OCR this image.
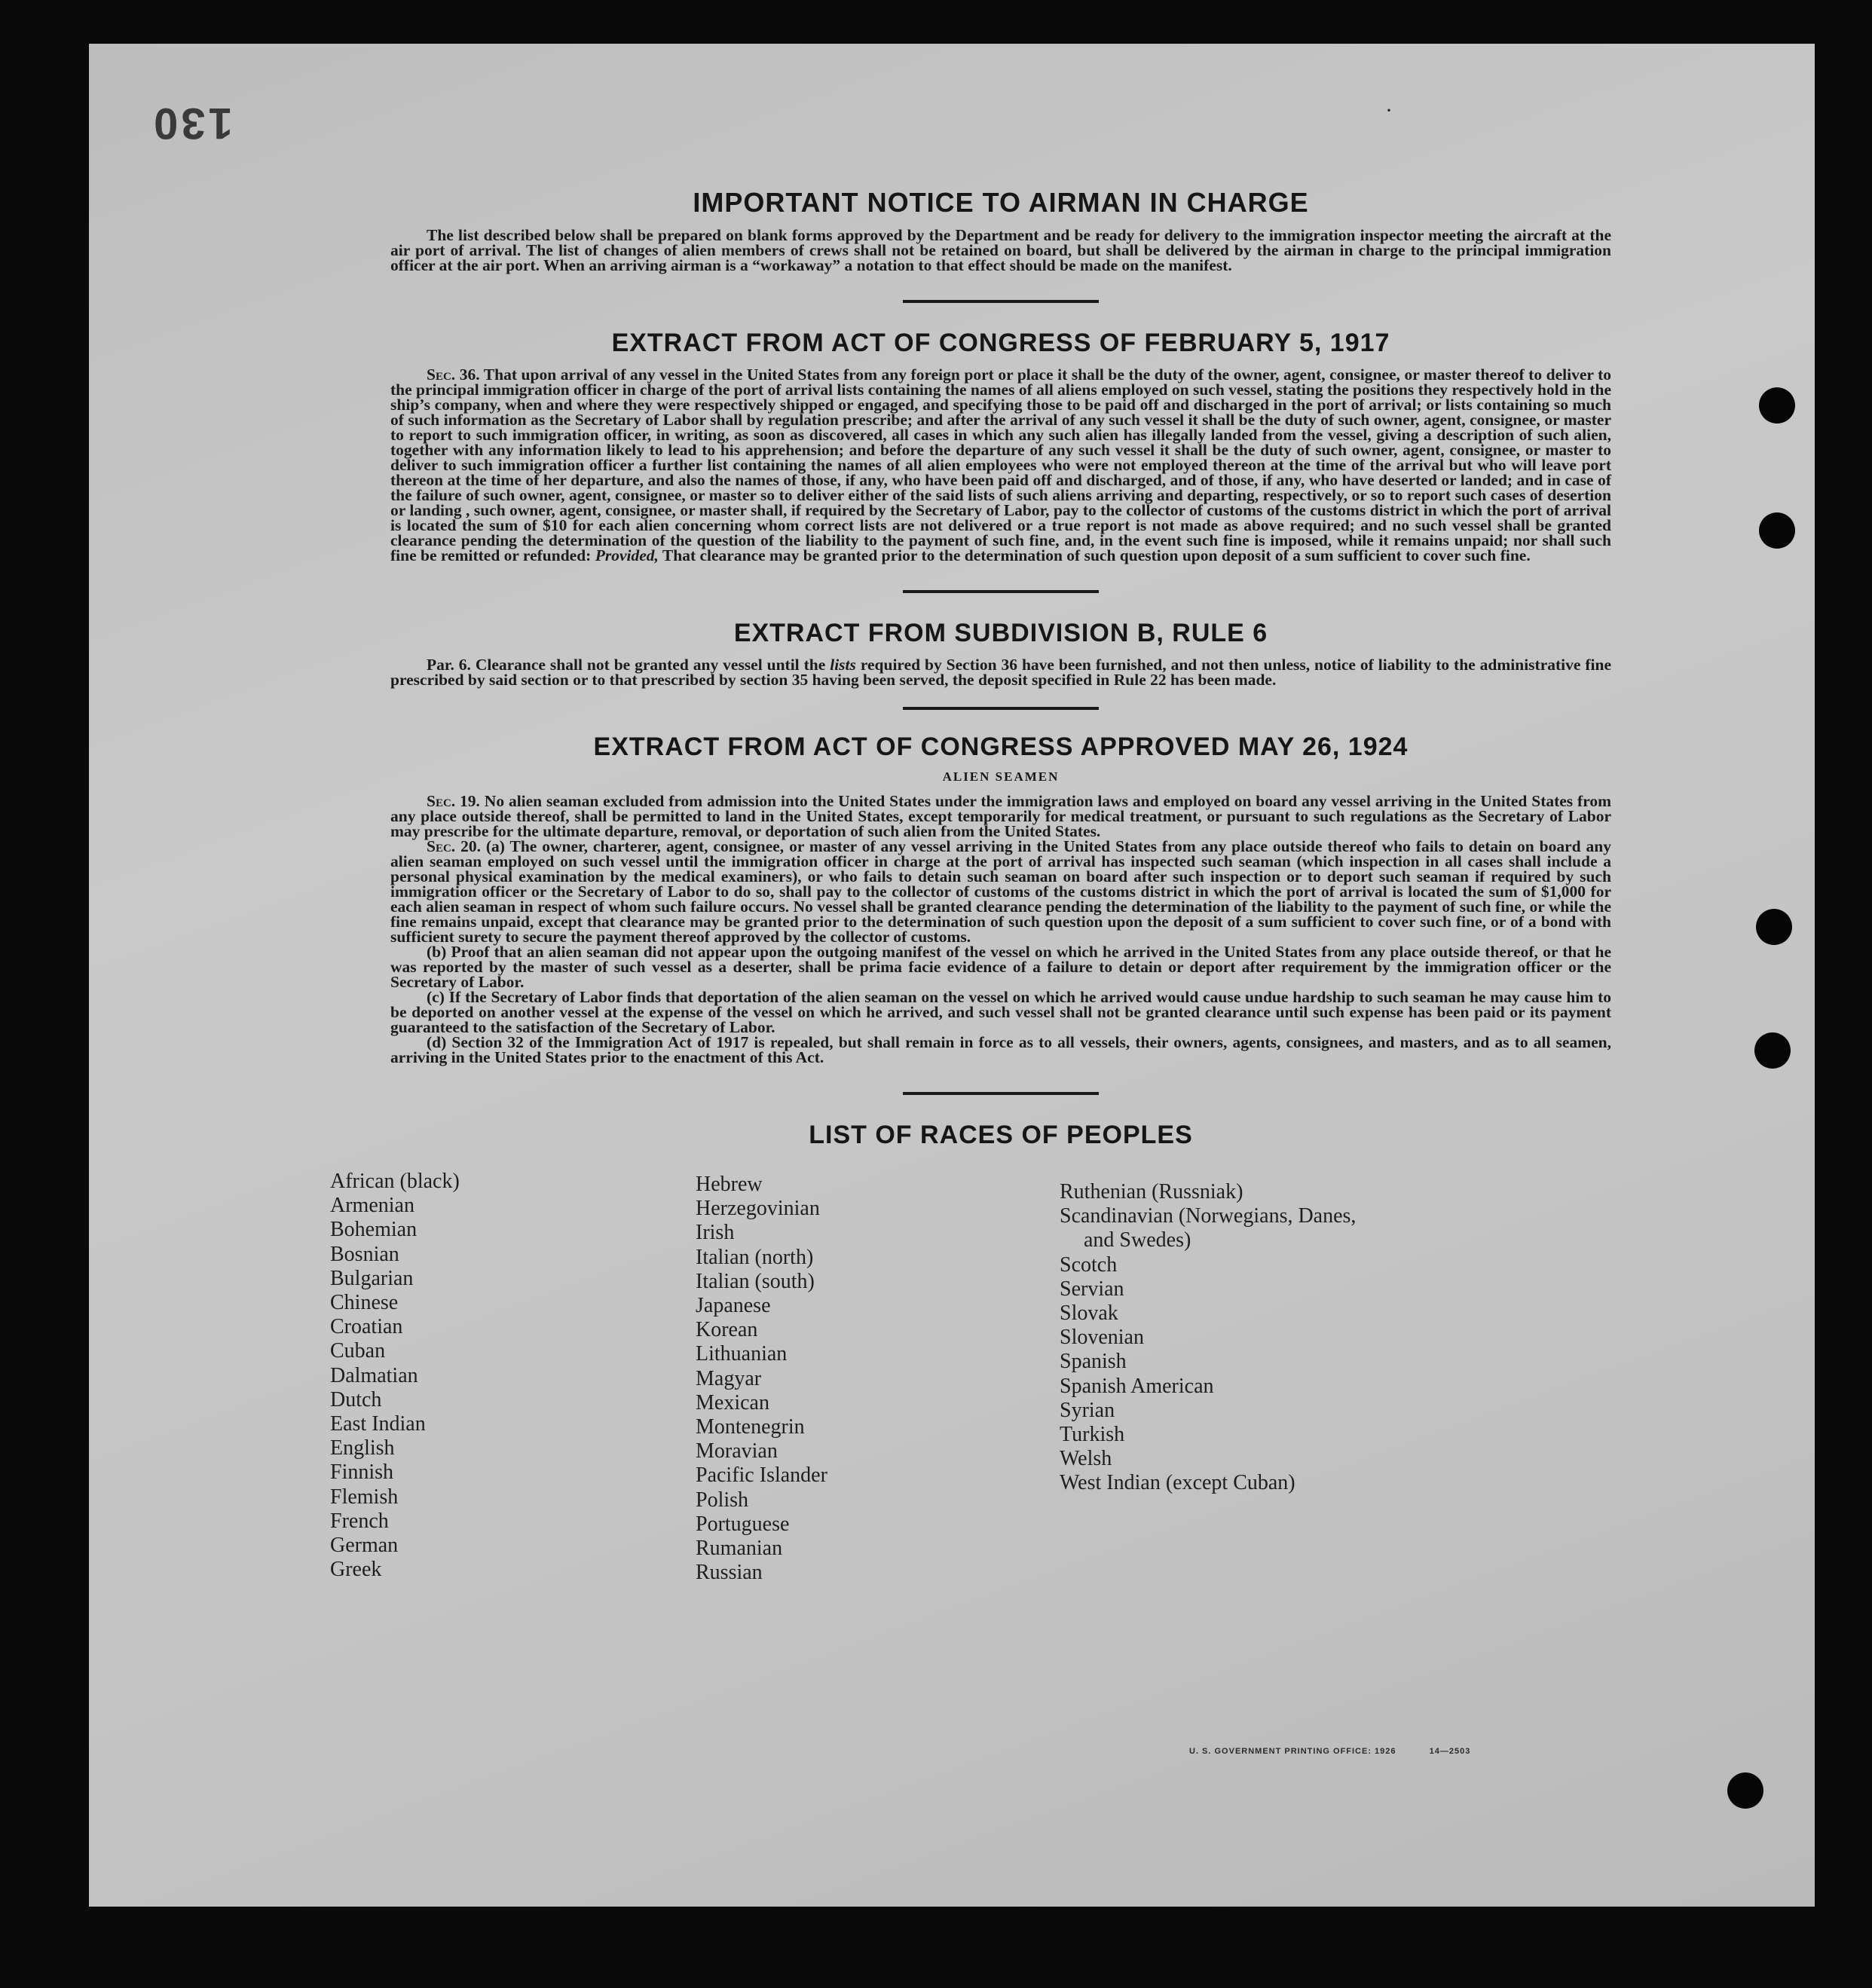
130	·
IMPORTANT NOTICE TO AIRMAN IN CHARGE

The list described below shall be prepared on blank forms approved by the Department and be ready for delivery to the immigration inspector meeting the aircraft at the air port of arrival. The list of changes of alien members of crews shall not be retained on board, but shall be delivered by the airman in charge to the principal immigration officer at the air port. When an arriving airman is a “workaway” a notation to that effect should be made on the manifest.

EXTRACT FROM ACT OF CONGRESS OF FEBRUARY 5, 1917

Sec. 36. That upon arrival of any vessel in the United States from any foreign port or place it shall be the duty of the owner, agent, consignee, or master thereof to deliver to the principal immigration officer in charge of the port of arrival lists containing the names of all aliens employed on such vessel, stating the positions they respectively hold in the ship’s company, when and where they were respectively shipped or engaged, and specifying those to be paid off and discharged in the port of arrival; or lists containing so much of such information as the Secretary of Labor shall by regulation prescribe; and after the arrival of any such vessel it shall be the duty of such owner, agent, consignee, or master to report to such immigration officer, in writing, as soon as discovered, all cases in which any such alien has illegally landed from the vessel, giving a description of such alien, together with any information likely to lead to his apprehension; and before the departure of any such vessel it shall be the duty of such owner, agent, consignee, or master to deliver to such immigration officer a further list containing the names of all alien employees who were not employed thereon at the time of the arrival but who will leave port thereon at the time of her departure, and also the names of those, if any, who have been paid off and discharged, and of those, if any, who have deserted or landed; and in case of the failure of such owner, agent, consignee, or master so to deliver either of the said lists of such aliens arriving and departing, respectively, or so to report such cases of desertion or landing , such owner, agent, consignee, or master shall, if required by the Secretary of Labor, pay to the collector of customs of the customs district in which the port of arrival is located the sum of $10 for each alien concerning whom correct lists are not delivered or a true report is not made as above required; and no such vessel shall be granted clearance pending the determination of the question of the liability to the payment of such fine, and, in the event such fine is imposed, while it remains unpaid; nor shall such fine be remitted or refunded: Provided, That clearance may be granted prior to the determination of such question upon deposit of a sum sufficient to cover such fine.

EXTRACT FROM SUBDIVISION B, RULE 6

Par. 6. Clearance shall not be granted any vessel until the lists required by Section 36 have been furnished, and not then unless, notice of liability to the administrative fine prescribed by said section or to that prescribed by section 35 having been served, the deposit specified in Rule 22 has been made.

EXTRACT FROM ACT OF CONGRESS APPROVED MAY 26, 1924
ALIEN SEAMEN

Sec. 19. No alien seaman excluded from admission into the United States under the immigration laws and employed on board any vessel arriving in the United States from any place outside thereof, shall be permitted to land in the United States, except temporarily for medical treatment, or pursuant to such regulations as the Secretary of Labor may prescribe for the ultimate departure, removal, or deportation of such alien from the United States.

Sec. 20. (a) The owner, charterer, agent, consignee, or master of any vessel arriving in the United States from any place outside thereof who fails to detain on board any alien seaman employed on such vessel until the immigration officer in charge at the port of arrival has inspected such seaman (which inspection in all cases shall include a personal physical examination by the medical examiners), or who fails to detain such seaman on board after such inspection or to deport such seaman if required by such immigration officer or the Secretary of Labor to do so, shall pay to the collector of customs of the customs district in which the port of arrival is located the sum of $1,000 for each alien seaman in respect of whom such failure occurs. No vessel shall be granted clearance pending the determination of the liability to the payment of such fine, or while the fine remains unpaid, except that clearance may be granted prior to the determination of such question upon the deposit of a sum sufficient to cover such fine, or of a bond with sufficient surety to secure the payment thereof approved by the collector of customs.

(b) Proof that an alien seaman did not appear upon the outgoing manifest of the vessel on which he arrived in the United States from any place outside thereof, or that he was reported by the master of such vessel as a deserter, shall be prima facie evidence of a failure to detain or deport after requirement by the immigration officer or the Secretary of Labor.

(c) If the Secretary of Labor finds that deportation of the alien seaman on the vessel on which he arrived would cause undue hardship to such seaman he may cause him to be deported on another vessel at the expense of the vessel on which he arrived, and such vessel shall not be granted clearance until such expense has been paid or its payment guaranteed to the satisfaction of the Secretary of Labor.

(d) Section 32 of the Immigration Act of 1917 is repealed, but shall remain in force as to all vessels, their owners, agents, consignees, and masters, and as to all seamen, arriving in the United States prior to the enactment of this Act.

LIST OF RACES OF PEOPLES
African (black)
Armenian
Bohemian
Bosnian
Bulgarian
Chinese
Croatian
Cuban
Dalmatian
Dutch
East Indian
English
Finnish
Flemish
French
German
Greek
Hebrew
Herzegovinian
Irish
Italian (north)
Italian (south)
Japanese
Korean
Lithuanian
Magyar
Mexican
Montenegrin
Moravian
Pacific Islander
Polish
Portuguese
Rumanian
Russian
Ruthenian (Russniak)
Scandinavian (Norwegians, Danes,
and Swedes)
Scotch
Servian
Slovak
Slovenian
Spanish
Spanish American
Syrian
Turkish
Welsh
West Indian (except Cuban)
U. S. GOVERNMENT PRINTING OFFICE: 1926	14—2503
